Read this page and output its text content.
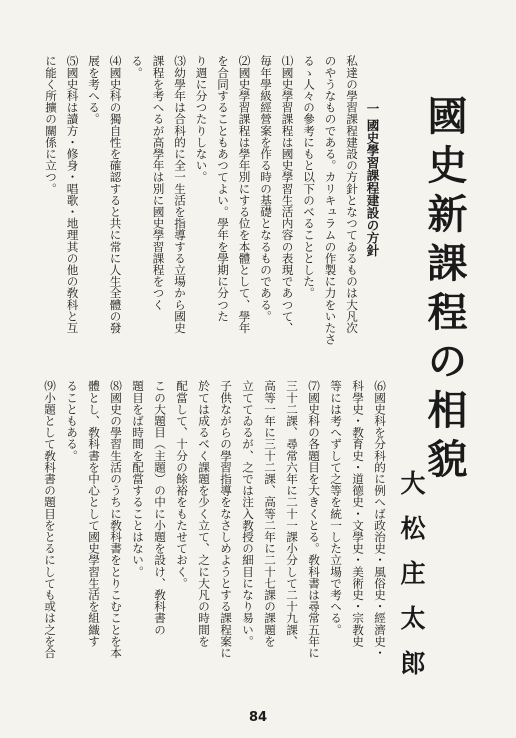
國史新課程の相貌
大松庄太郎
一 國史學習課程建設の方針
私達の學習課程建設の方針となつてゐるものは大凡次
のやうなものである。カリキュラムの作製に力をいたさ
るゝ人々の參考にもと以下のべることとした。
⑴國史學習課程は國史學習生活内容の表現であつて、
毎年學級經營案を作る時の基礎となるものである。
⑵國史學習課程は學年別にする位を本體として、學年
を合同することもあつてよい。學年を學期に分つた
り週に分つたりしない。
⑶幼學年は合科的に全一生活を指導する立場から國史
課程を考へるが高學年は別に國史學習課程をつく
る。
⑷國史科の獨自性を確認すると共に常に人生全體の發
展を考へる。
⑸國史科は讀方・修身・唱歌・地理其の他の敎科と互
に能く所擴の關係に立つ。
⑹國史科を分科的に例へば政治史・風俗史・經濟史・
科學史・教育史・道德史・文學史・美術史・宗教史
等には考へずして之等を統一した立場で考へる。
⑺國史科の各題目を大きくとる。敎科書は尋常五年に
三十二課、尋常六年に二十一課小分して二十九課、
高等一年に三十二課、高等二年に二十七課の課題を
立ててゐるが、之では注入教授の細目になり易い。
子供ながらの學習指導をなさしめようとする課程案に
於ては成るべく課題を少く立て、之に大凡の時間を
配當して、十分の餘裕をもたせておく。
この大題目（主題）の中に小題を設け、敎科書の
題目をば時間を配當することはない。
⑻國史の學習生活のうちに敎科書をとりこむことを本
體とし、敎科書を中心として國史學習生活を組織す
ることもある。
⑼小題として敎科書の題目をとるにしても或は之を合
84
